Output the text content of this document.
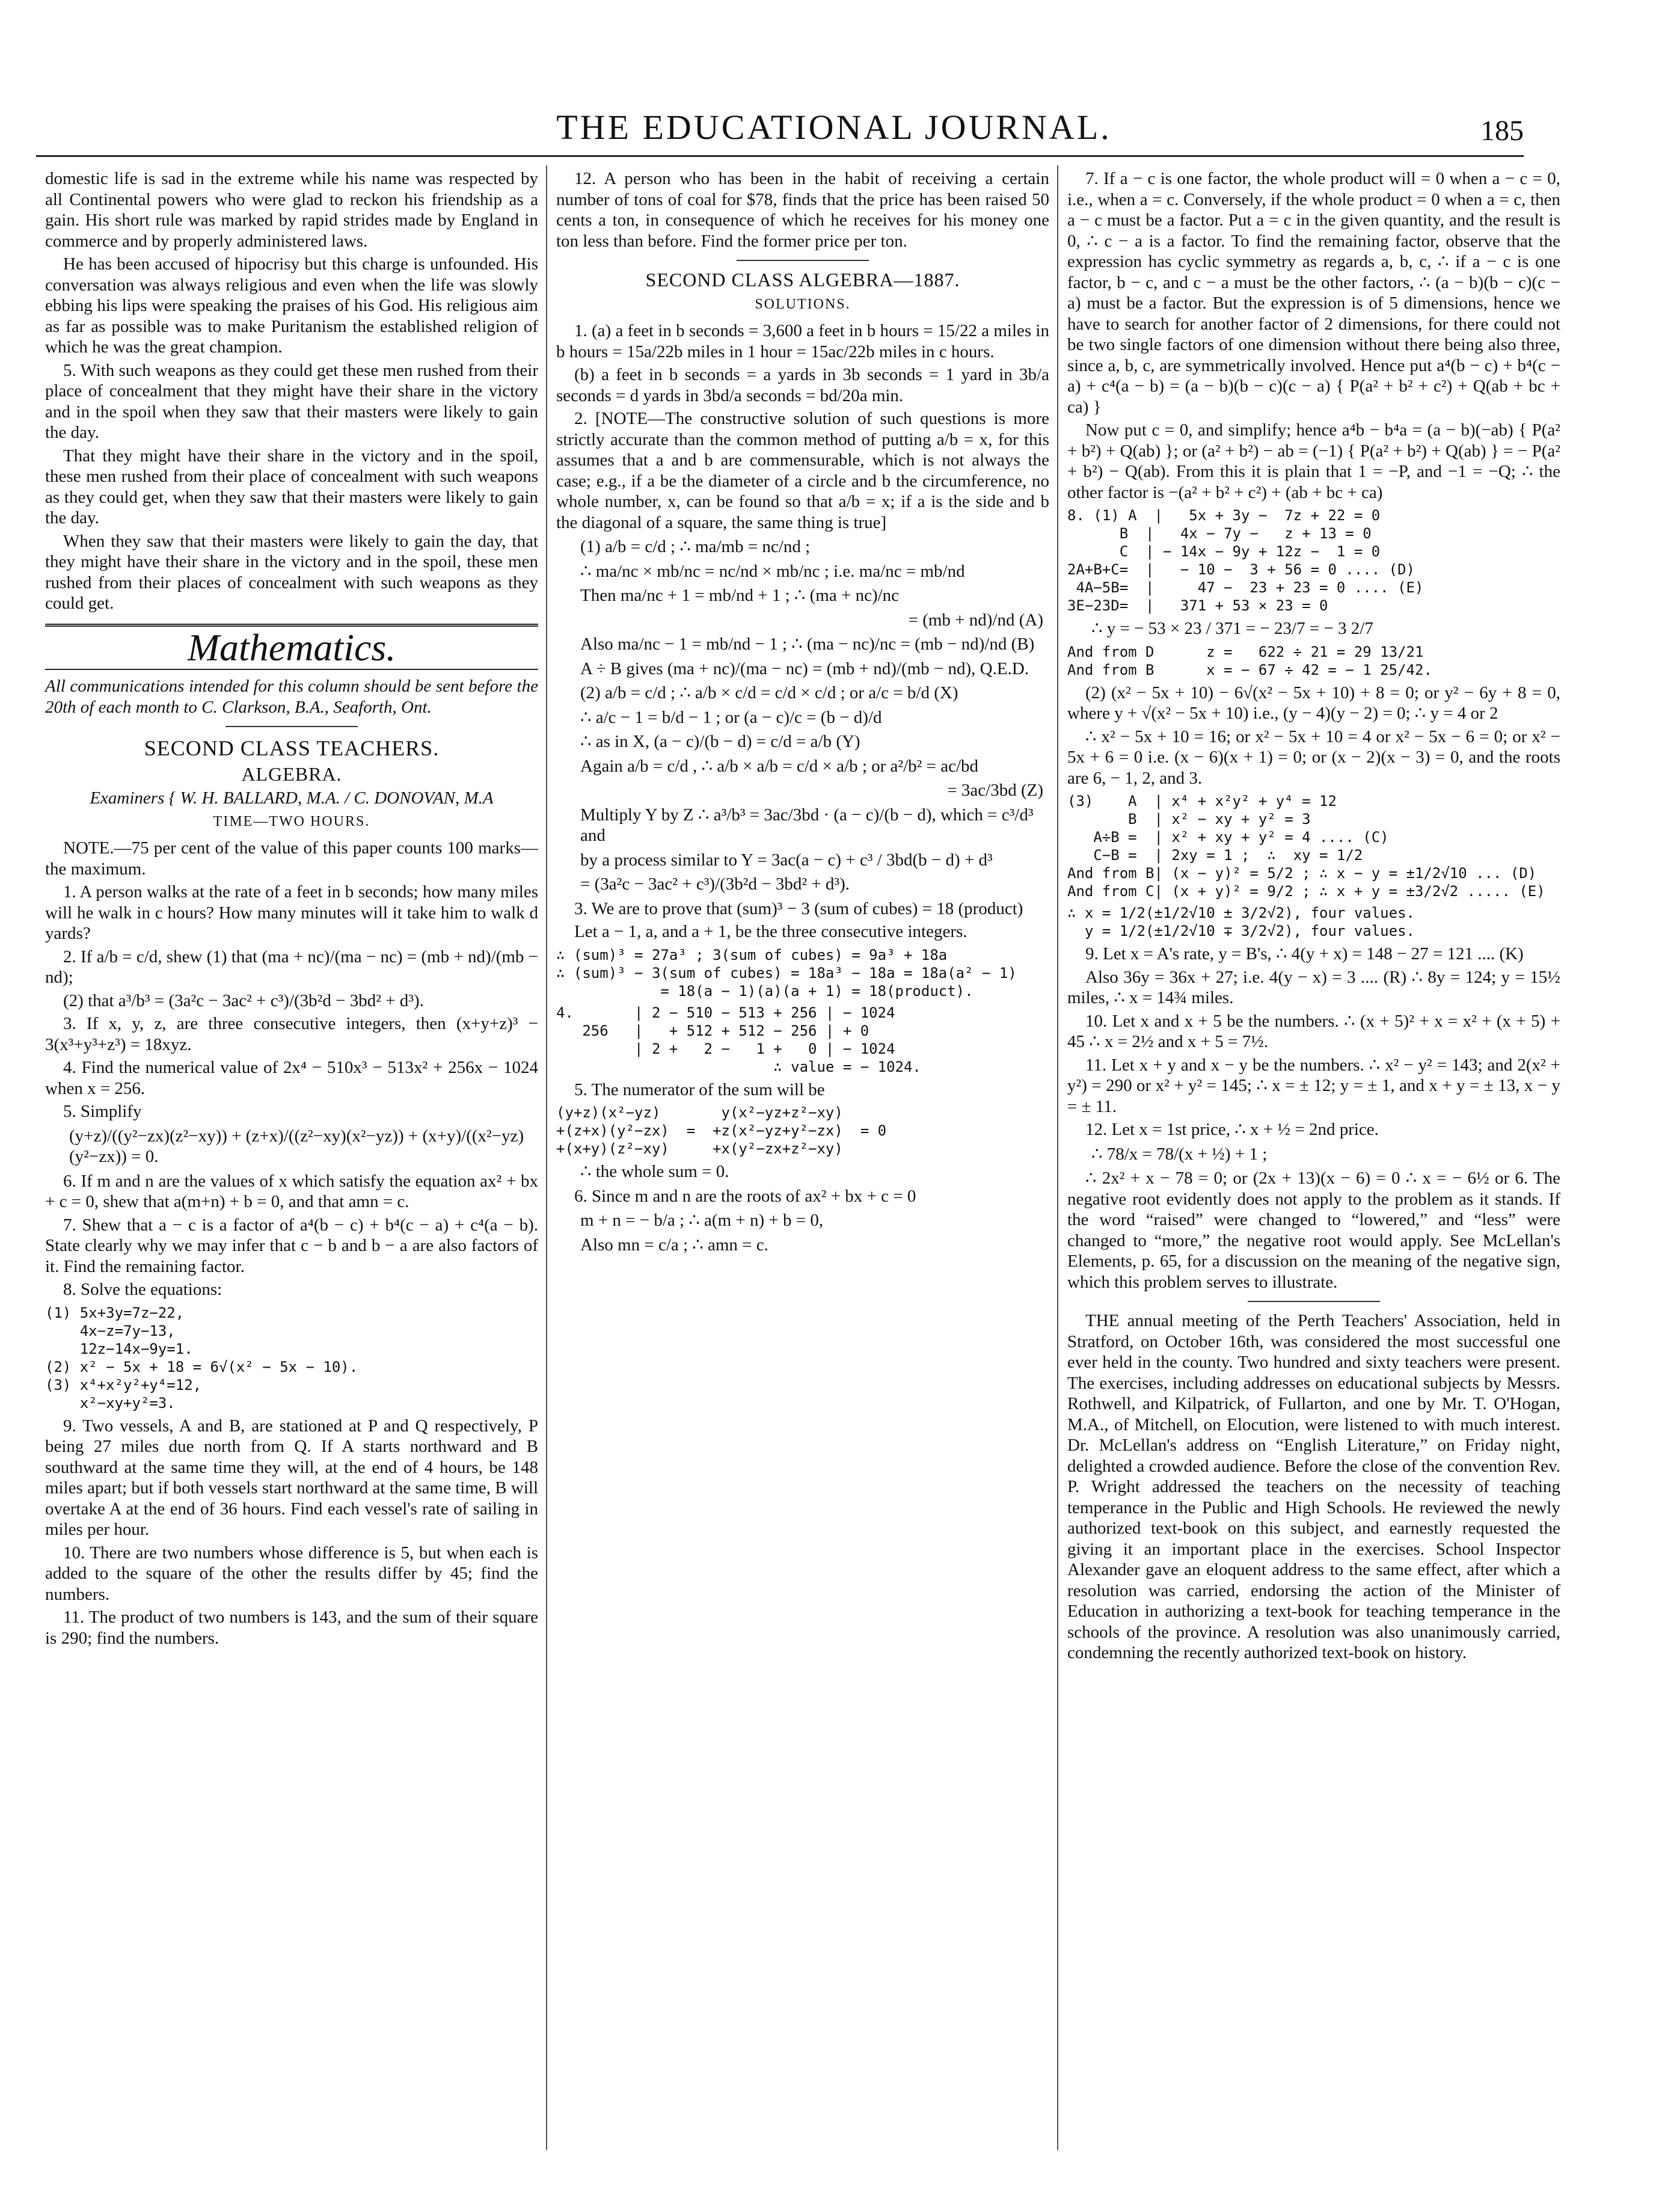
THE EDUCATIONAL JOURNAL.	185

domestic life is sad in the extreme while his name was respected by all Continental powers who were glad to reckon his friendship as a gain. His short rule was marked by rapid strides made by England in commerce and by properly administered laws.

He has been accused of hipocrisy but this charge is unfounded. His conversation was always religious and even when the life was slowly ebbing his lips were speaking the praises of his God. His religious aim as far as possible was to make Puritanism the established religion of which he was the great champion.

5. With such weapons as they could get these men rushed from their place of concealment that they might have their share in the victory and in the spoil when they saw that their masters were likely to gain the day.

That they might have their share in the victory and in the spoil, these men rushed from their place of concealment with such weapons as they could get, when they saw that their masters were likely to gain the day.

When they saw that their masters were likely to gain the day, that they might have their share in the victory and in the spoil, these men rushed from their places of concealment with such weapons as they could get.

Mathematics.

All communications intended for this column should be sent before the 20th of each month to C. Clarkson, B.A., Seaforth, Ont.

SECOND CLASS TEACHERS.
ALGEBRA.
Examiners { W. H. BALLARD, M.A. / C. DONOVAN, M.A
TIME—TWO HOURS.

NOTE.—75 per cent of the value of this paper counts 100 marks—the maximum.

1. A person walks at the rate of a feet in b seconds; how many miles will he walk in c hours? How many minutes will it take him to walk d yards?

2. If a/b = c/d, shew (1) that (ma + nc)/(ma − nc) = (mb + nd)/(mb − nd);

(2) that a³/b³ = (3a²c − 3ac² + c³)/(3b²d − 3bd² + d³).

3. If x, y, z, are three consecutive integers, then (x+y+z)³ − 3(x³+y³+z³) = 18xyz.

4. Find the numerical value of 2x⁴ − 510x³ − 513x² + 256x − 1024 when x = 256.

5. Simplify

(y+z)/((y²−zx)(z²−xy)) + (z+x)/((z²−xy)(x²−yz)) + (x+y)/((x²−yz)(y²−zx)) = 0.

6. If m and n are the values of x which satisfy the equation ax² + bx + c = 0, shew that a(m+n) + b = 0, and that amn = c.

7. Shew that a − c is a factor of a⁴(b − c) + b⁴(c − a) + c⁴(a − b). State clearly why we may infer that c − b and b − a are also factors of it. Find the remaining factor.

8. Solve the equations:

(1) 5x+3y=7z−22,
4x−z=7y−13,
12z−14x−9y=1.
(2) x² − 5x + 18 = 6√(x² − 5x − 10).
(3) x⁴+x²y²+y⁴=12,
x²−xy+y²=3.

9. Two vessels, A and B, are stationed at P and Q respectively, P being 27 miles due north from Q. If A starts northward and B southward at the same time they will, at the end of 4 hours, be 148 miles apart; but if both vessels start northward at the same time, B will overtake A at the end of 36 hours. Find each vessel's rate of sailing in miles per hour.

10. There are two numbers whose difference is 5, but when each is added to the square of the other the results differ by 45; find the numbers.

11. The product of two numbers is 143, and the sum of their square is 290; find the numbers.

12. A person who has been in the habit of receiving a certain number of tons of coal for $78, finds that the price has been raised 50 cents a ton, in consequence of which he receives for his money one ton less than before. Find the former price per ton.

SECOND CLASS ALGEBRA—1887.
SOLUTIONS.

1. (a) a feet in b seconds = 3,600 a feet in b hours = 15/22 a miles in b hours = 15a/22b miles in 1 hour = 15ac/22b miles in c hours.

(b) a feet in b seconds = a yards in 3b seconds = 1 yard in 3b/a seconds = d yards in 3bd/a seconds = bd/20a min.

2. [NOTE—The constructive solution of such questions is more strictly accurate than the common method of putting a/b = x, for this assumes that a and b are commensurable, which is not always the case; e.g., if a be the diameter of a circle and b the circumference, no whole number, x, can be found so that a/b = x; if a is the side and b the diagonal of a square, the same thing is true]

(1) a/b = c/d ; ∴ ma/mb = nc/nd ;
∴ ma/nc × mb/nc = nc/nd × mb/nc ; i.e. ma/nc = mb/nd
Then ma/nc + 1 = mb/nd + 1 ; ∴ (ma + nc)/nc
= (mb + nd)/nd (A)
Also ma/nc − 1 = mb/nd − 1 ; ∴ (ma − nc)/nc = (mb − nd)/nd (B)
A ÷ B gives (ma + nc)/(ma − nc) = (mb + nd)/(mb − nd), Q.E.D.
(2) a/b = c/d ; ∴ a/b × c/d = c/d × c/d ; or a/c = b/d (X)
∴ a/c − 1 = b/d − 1 ; or (a − c)/c = (b − d)/d
∴ as in X, (a − c)/(b − d) = c/d = a/b (Y)
Again a/b = c/d , ∴ a/b × a/b = c/d × a/b ; or a²/b² = ac/bd
= 3ac/3bd (Z)
Multiply Y by Z ∴ a³/b³ = 3ac/3bd · (a − c)/(b − d), which = c³/d³ and
by a process similar to Y = 3ac(a − c) + c³ / 3bd(b − d) + d³
= (3a²c − 3ac² + c³)/(3b²d − 3bd² + d³).

3. We are to prove that (sum)³ − 3 (sum of cubes) = 18 (product)

Let a − 1, a, and a + 1, be the three consecutive integers.

∴ (sum)³ = 27a³ ; 3(sum of cubes) = 9a³ + 18a
∴ (sum)³ − 3(sum of cubes) = 18a³ − 18a = 18a(a² − 1)
= 18(a − 1)(a)(a + 1) = 18(product).
4.       | 2 − 510 − 513 + 256 | − 1024
256   |   + 512 + 512 − 256 | + 0
| 2 +   2 −   1 +   0 | − 1024
∴ value = − 1024.

5. The numerator of the sum will be

(y+z)(x²−yz)       y(x²−yz+z²−xy)
+(z+x)(y²−zx)  =  +z(x²−yz+y²−zx)  = 0
+(x+y)(z²−xy)     +x(y²−zx+z²−xy)
∴ the whole sum = 0.

6. Since m and n are the roots of ax² + bx + c = 0

m + n = − b/a ; ∴ a(m + n) + b = 0,
Also mn = c/a ; ∴ amn = c.

7. If a − c is one factor, the whole product will = 0 when a − c = 0, i.e., when a = c. Conversely, if the whole product = 0 when a = c, then a − c must be a factor. Put a = c in the given quantity, and the result is 0, ∴ c − a is a factor. To find the remaining factor, observe that the expression has cyclic symmetry as regards a, b, c, ∴ if a − c is one factor, b − c, and c − a must be the other factors, ∴ (a − b)(b − c)(c − a) must be a factor. But the expression is of 5 dimensions, hence we have to search for another factor of 2 dimensions, for there could not be two single factors of one dimension without there being also three, since a, b, c, are symmetrically involved. Hence put a⁴(b − c) + b⁴(c − a) + c⁴(a − b) = (a − b)(b − c)(c − a) { P(a² + b² + c²) + Q(ab + bc + ca) }

Now put c = 0, and simplify; hence a⁴b − b⁴a = (a − b)(−ab) { P(a² + b²) + Q(ab) }; or (a² + b²) − ab = (−1) { P(a² + b²) + Q(ab) } = − P(a² + b²) − Q(ab). From this it is plain that 1 = −P, and −1 = −Q; ∴ the other factor is −(a² + b² + c²) + (ab + bc + ca)

8. (1) A  |   5x + 3y −  7z + 22 = 0
B  |   4x − 7y −   z + 13 = 0
C  | − 14x − 9y + 12z −  1 = 0
2A+B+C=  |   − 10 −  3 + 56 = 0 .... (D)
4A−5B=  |     47 −  23 + 23 = 0 .... (E)
3E−23D=  |   371 + 53 × 23 = 0
∴ y = − 53 × 23 / 371 = − 23/7 = − 3 2/7
And from D      z =   622 ÷ 21 = 29 13/21
And from B      x = − 67 ÷ 42 = − 1 25/42.

(2) (x² − 5x + 10) − 6√(x² − 5x + 10) + 8 = 0; or y² − 6y + 8 = 0, where y + √(x² − 5x + 10) i.e., (y − 4)(y − 2) = 0; ∴ y = 4 or 2

∴ x² − 5x + 10 = 16; or x² − 5x + 10 = 4 or x² − 5x − 6 = 0; or x² − 5x + 6 = 0 i.e. (x − 6)(x + 1) = 0; or (x − 2)(x − 3) = 0, and the roots are 6, − 1, 2, and 3.

(3)    A  | x⁴ + x²y² + y⁴ = 12
B  | x² − xy + y² = 3
A÷B =  | x² + xy + y² = 4 .... (C)
C−B =  | 2xy = 1 ;  ∴  xy = 1/2
And from B| (x − y)² = 5/2 ; ∴ x − y = ±1/2√10 ... (D)
And from C| (x + y)² = 9/2 ; ∴ x + y = ±3/2√2 ..... (E)
∴ x = 1/2(±1/2√10 ± 3/2√2), four values.
y = 1/2(±1/2√10 ∓ 3/2√2), four values.

9. Let x = A's rate, y = B's, ∴ 4(y + x) = 148 − 27 = 121 .... (K)

Also 36y = 36x + 27; i.e. 4(y − x) = 3 .... (R) ∴ 8y = 124; y = 15½ miles, ∴ x = 14¾ miles.

10. Let x and x + 5 be the numbers. ∴ (x + 5)² + x = x² + (x + 5) + 45 ∴ x = 2½ and x + 5 = 7½.

11. Let x + y and x − y be the numbers. ∴ x² − y² = 143; and 2(x² + y²) = 290 or x² + y² = 145; ∴ x = ± 12; y = ± 1, and x + y = ± 13, x − y = ± 11.

12. Let x = 1st price, ∴ x + ½ = 2nd price.

∴ 78/x = 78/(x + ½) + 1 ;

∴ 2x² + x − 78 = 0; or (2x + 13)(x − 6) = 0 ∴ x = − 6½ or 6. The negative root evidently does not apply to the problem as it stands. If the word “raised” were changed to “lowered,” and “less” were changed to “more,” the negative root would apply. See McLellan's Elements, p. 65, for a discussion on the meaning of the negative sign, which this problem serves to illustrate.

THE annual meeting of the Perth Teachers' Association, held in Stratford, on October 16th, was considered the most successful one ever held in the county. Two hundred and sixty teachers were present. The exercises, including addresses on educational subjects by Messrs. Rothwell, and Kilpatrick, of Fullarton, and one by Mr. T. O'Hogan, M.A., of Mitchell, on Elocution, were listened to with much interest. Dr. McLellan's address on “English Literature,” on Friday night, delighted a crowded audience. Before the close of the convention Rev. P. Wright addressed the teachers on the necessity of teaching temperance in the Public and High Schools. He reviewed the newly authorized text-book on this subject, and earnestly requested the giving it an important place in the exercises. School Inspector Alexander gave an eloquent address to the same effect, after which a resolution was carried, endorsing the action of the Minister of Education in authorizing a text-book for teaching temperance in the schools of the province. A resolution was also unanimously carried, condemning the recently authorized text-book on history.
